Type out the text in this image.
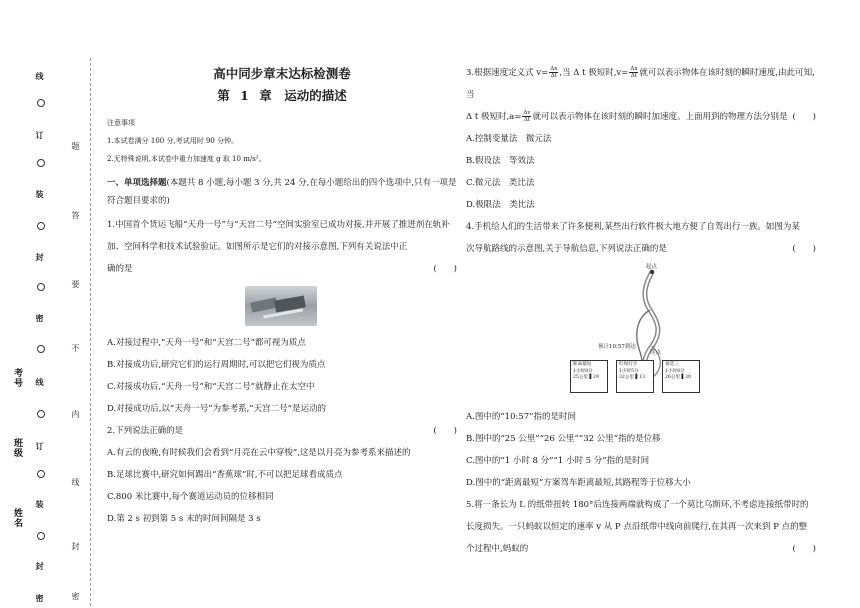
线
订
装
封
密
线
订
装
封
密
题
答
要
不
内
线
封
密
考号
班级
姓名
高中同步章末达标检测卷
第 1 章　运动的描述
注意事项
1.本试卷满分 100 分,考试用时 90 分钟。
2.无特殊说明,本试卷中重力加速度 g 取 10 m/s²。
一、单项选择题(本题共 8 小题,每小题 3 分,共 24 分,在每小题给出的四个选项中,只有一项是符合题目要求的)
1.中国首个货运飞船“天舟一号”与“天宫二号”空间实验室已成功对接,并开展了推进剂在轨补加、空间科学和技术试验验证。如图所示是它们的对接示意图,下列有关说法中正
确的是	(　　)
A.对接过程中,“天舟一号”和“天宫二号”都可视为质点
B.对接成功后,研究它们的运行周期时,可以把它们视为质点
C.对接成功后,“天舟一号”和“天宫二号”就静止在太空中
D.对接成功后,以“天舟一号”为参考系,“天宫二号”是运动的
2.下列说法正确的是	(　　)
A.有云的夜晚,有时候我们会看到“月亮在云中穿梭”,这是以月亮为参考系来描述的
B.足球比赛中,研究如何踢出“香蕉球”时,不可以把足球看成质点
C.800 米比赛中,每个赛道运动员的位移相同
D.第 2 s 初到第 5 s 末的时间间隔是 3 s
3.根据速度定义式 $v= \frac{\Delta x}{\Delta t}$ ,当 Δ t 极短时$,v= \frac{\Delta x}{\Delta t}$ 就可以表示物体在该时刻的瞬时速度,由此可知,当
Δ t 极短时$,a= \frac{\Delta v}{\Delta t}$ 就可以表示物体在该时刻的瞬时加速度。上面用到的物理方法分别是 (　　)
A.控制变量法　微元法
B.假设法　等效法
C.微元法　类比法
D.极限法　类比法
4.手机给人们的生活带来了许多便利,某些出行软件极大地方便了自驾出行一族。如图为某
次导航路线的示意图,关于导航信息,下列说法正确的是	(　　)
起点
预计10:57到达
终点
距离最短
1小时8分
25公里 ▌29
红绿灯少
1小时5分
32公里 ▌13
备选三
1小时8分
26公里 ▌30
A.图中的“10:57”指的是时间
B.图中的“25 公里”“26 公里”“32 公里”指的是位移
C.图中的“1 小时 8 分”“1 小时 5 分”指的是时间
D.图中的“距离最短”方案驾车距离最短,其路程等于位移大小
5.将一条长为 L 的纸带扭转 180°后连接两端就构成了一个莫比乌斯环,不考虑连接纸带时的
长度损失。一只蚂蚁以恒定的速率 v 从 P 点沿纸带中线向前爬行,在其再一次来到 P 点的整
个过程中,蚂蚁的	(　　)
